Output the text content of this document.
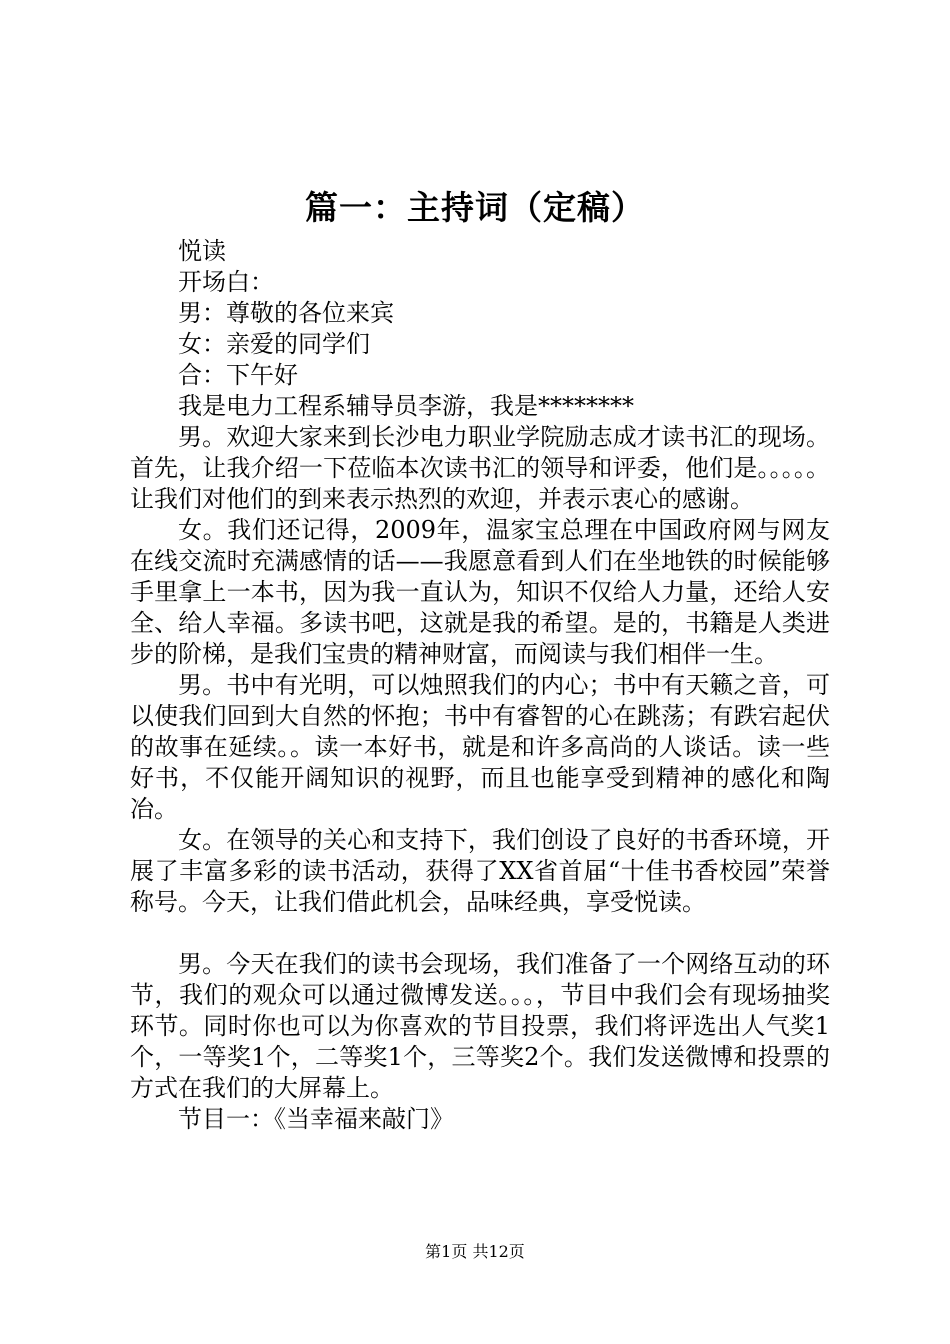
篇一：主持词（定稿）

悦读

开场白：

男：尊敬的各位来宾

女：亲爱的同学们

合：下午好

我是电力工程系辅导员李游，我是********

男。欢迎大家来到长沙电力职业学院励志成才读书汇的现场。首先，让我介绍一下莅临本次读书汇的领导和评委，他们是。。。。。让我们对他们的到来表示热烈的欢迎，并表示衷心的感谢。

女。我们还记得，2009年，温家宝总理在中国政府网与网友在线交流时充满感情的话——我愿意看到人们在坐地铁的时候能够手里拿上一本书，因为我一直认为，知识不仅给人力量，还给人安全、给人幸福。多读书吧，这就是我的希望。是的，书籍是人类进步的阶梯，是我们宝贵的精神财富，而阅读与我们相伴一生。

男。书中有光明，可以烛照我们的内心；书中有天籁之音，可以使我们回到大自然的怀抱；书中有睿智的心在跳荡；有跌宕起伏的故事在延续。。读一本好书，就是和许多高尚的人谈话。读一些好书，不仅能开阔知识的视野，而且也能享受到精神的感化和陶冶。

女。在领导的关心和支持下，我们创设了良好的书香环境，开展了丰富多彩的读书活动，获得了XX省首届“十佳书香校园”荣誉称号。今天，让我们借此机会，品味经典，享受悦读。

男。今天在我们的读书会现场，我们准备了一个网络互动的环节，我们的观众可以通过微博发送。。。，节目中我们会有现场抽奖环节。同时你也可以为你喜欢的节目投票，我们将评选出人气奖1个，一等奖1个，二等奖1个，三等奖2个。我们发送微博和投票的方式在我们的大屏幕上。

节目一：《当幸福来敲门》

第1页 共12页
